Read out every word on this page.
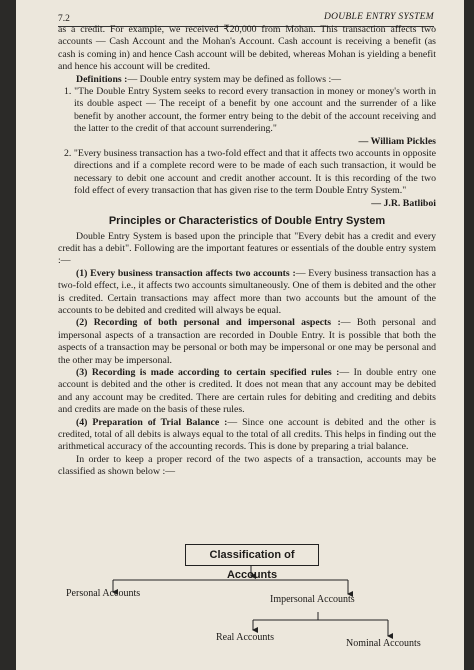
7.2	DOUBLE ENTRY SYSTEM

as a credit. For example, we received ₹20,000 from Mohan. This transaction affects two accounts — Cash Account and the Mohan's Account. Cash account is receiving a benefit (as cash is coming in) and hence Cash account will be debited, whereas Mohan is yielding a benefit and hence his account will be credited.

Definitions :— Double entry system may be defined as follows :—

1. "The Double Entry System seeks to record every transaction in money or money's worth in its double aspect — The receipt of a benefit by one account and the surrender of a like benefit by another account, the former entry being to the debit of the account receiving and the latter to the credit of that account surrendering."

— William Pickles

2. "Every business transaction has a two-fold effect and that it affects two accounts in opposite directions and if a complete record were to be made of each such transaction, it would be necessary to debit one account and credit another account. It is this recording of the two fold effect of every transaction that has given rise to the term Double Entry System."

— J.R. Batliboi

Principles or Characteristics of Double Entry System

Double Entry System is based upon the principle that "Every debit has a credit and every credit has a debit". Following are the important features or essentials of the double entry system :—

(1) Every business transaction affects two accounts :— Every business transaction has a two-fold effect, i.e., it affects two accounts simultaneously. One of them is debited and the other is credited. Certain transactions may affect more than two accounts but the amount of the accounts to be debited and credited will always be equal.

(2) Recording of both personal and impersonal aspects :— Both personal and impersonal aspects of a transaction are recorded in Double Entry. It is possible that both the aspects of a transaction may be personal or both may be impersonal or one may be personal and the other may be impersonal.

(3) Recording is made according to certain specified rules :— In double entry one account is debited and the other is credited. It does not mean that any account may be debited and any account may be credited. There are certain rules for debiting and crediting and debits and credits are made on the basis of these rules.

(4) Preparation of Trial Balance :— Since one account is debited and the other is credited, total of all debits is always equal to the total of all credits. This helps in finding out the arithmetical accuracy of the accounting records. This is done by preparing a trial balance.

In order to keep a proper record of the two aspects of a transaction, accounts may be classified as shown below :—

Classification of Accounts
Personal Accounts
Impersonal Accounts
Real Accounts
Nominal Accounts
